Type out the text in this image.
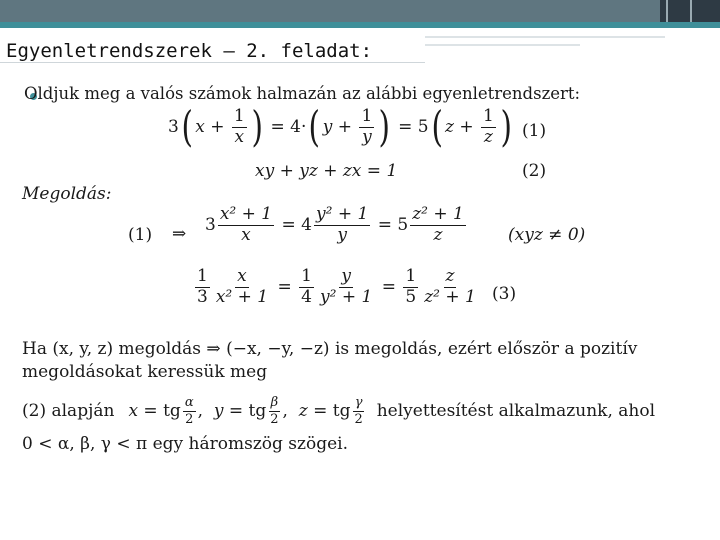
Egyenletrendszerek – 2. feladat:
Oldjuk meg a valós számok halmazán az alábbi egyenletrendszert:
3 ( $x + \frac{1}{x}$ ) = 4 · ( $y + \frac{1}{y}$ ) = 5 ( $z + \frac{1}{z}$ ) (1)
xy + yz + zx = 1	(2)
Megoldás:
(1) ⇒ $3 \frac{\text{x² + 1}}{x} = 4 \frac{\text{y² + 1}}{y} = 5 \frac{\text{z² + 1}}{z} (xyz \ne 0)$
$\frac{1}{3} \frac{x}{\text{x² + 1}} = \frac{1}{4} \frac{y}{\text{y² + 1}} = \frac{1}{5} \frac{z}{\text{z² + 1}} (3)$
Ha (x, y, z) megoldás ⇒ (−x, −y, −z) is megoldás, ezért először a pozitív
megoldásokat keressük meg
(2) alapján x = tg $\frac{\alpha}{2}$ , y = tg $\frac{\beta}{2}$ , z = tg $\frac{\gamma}{2}$ helyettesítést alkalmazunk, ahol
0 < α, β, γ < π egy háromszög szögei.
